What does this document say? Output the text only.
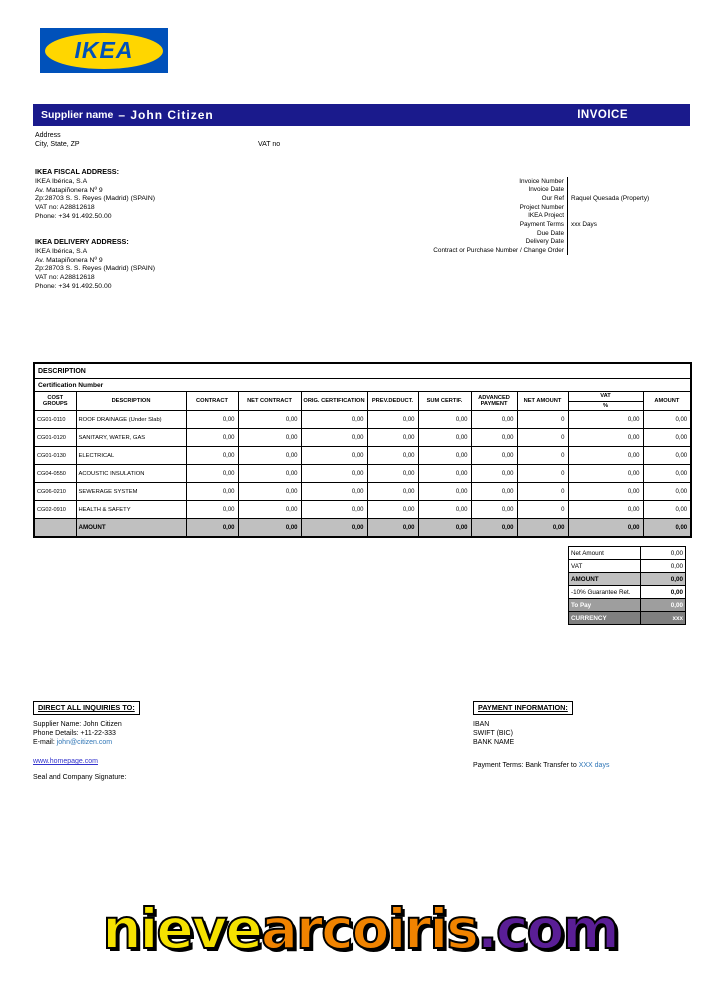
IKEA
Supplier name – John Citizen	INVOICE
Address
City, State, ZP	VAT no
IKEA FISCAL ADDRESS:
IKEA Ibérica, S.A
Av. Matapiñonera Nº 9
Zp:28703 S. S. Reyes (Madrid) (SPAIN)
VAT no: A28812618
Phone: +34 91.492.50.00
IKEA DELIVERY ADDRESS:
IKEA Ibérica, S.A
Av. Matapiñonera Nº 9
Zp:28703 S. S. Reyes (Madrid) (SPAIN)
VAT no: A28812618
Phone: +34 91.492.50.00
Invoice Number
Invoice Date
Our Ref	Raquel Quesada (Property)
Project Number
IKEA Project
Payment Terms	xxx Days
Due Date
Delivery Date
Contract or Purchase Number / Change Order
DESCRIPTION										
Certification Number										
COST GROUPS	DESCRIPTION	CONTRACT	NET CONTRACT	ORIG. CERTIFICATION	PREV.DEDUCT.	SUM CERTIF.	ADVANCED PAYMENT	NET AMOUNT	VAT	AMOUNT
									%	
CG01-0110	ROOF DRAINAGE (Under Slab)	0,00	0,00	0,00	0,00	0,00	0,00	0	0,00	0,00
CG01-0120	SANITARY, WATER, GAS	0,00	0,00	0,00	0,00	0,00	0,00	0	0,00	0,00
CG01-0130	ELECTRICAL	0,00	0,00	0,00	0,00	0,00	0,00	0	0,00	0,00
CG04-0550	ACOUSTIC INSULATION	0,00	0,00	0,00	0,00	0,00	0,00	0	0,00	0,00
CG06-0210	SEWERAGE SYSTEM	0,00	0,00	0,00	0,00	0,00	0,00	0	0,00	0,00
CG02-0910	HEALTH & SAFETY	0,00	0,00	0,00	0,00	0,00	0,00	0	0,00	0,00
	AMOUNT	0,00	0,00	0,00	0,00	0,00	0,00	0,00	0,00	0,00
Net Amount	0,00
VAT	0,00
AMOUNT	0,00
-10% Guarantee Ret.	0,00
To Pay	0,00
CURRENCY	xxx
DIRECT ALL INQUIRIES TO:
Supplier Name: John Citizen
Phone Details: +11-22-333
E-mail: john@citizen.com
www.homepage.com
Seal and Company Signature:
PAYMENT INFORMATION:
IBAN
SWIFT (BIC)
BANK NAME
Payment Terms: Bank Transfer to XXX days
nievearcoiris.com
